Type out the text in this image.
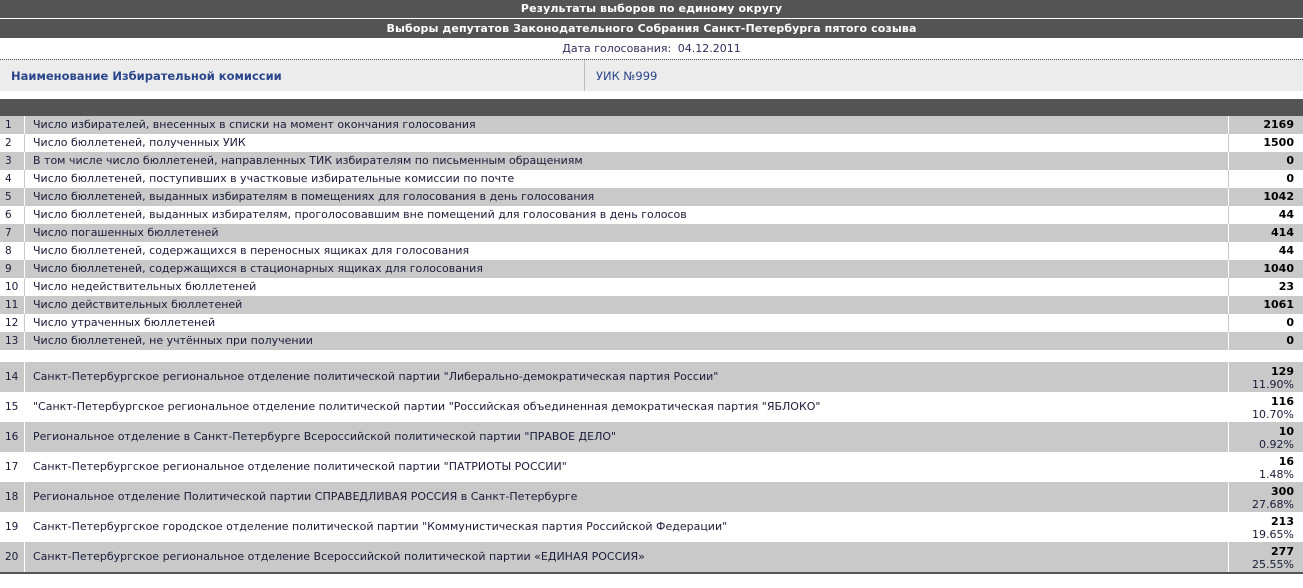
Результаты выборов по единому округу
Выборы депутатов Законодательного Собрания Санкт-Петербурга пятого созыва
Дата голосования: 04.12.2011
Наименование Избирательной комиссии	УИК №999
1	Число избирателей, внесенных в списки на момент окончания голосования	2169
2	Число бюллетеней, полученных УИК	1500
3	В том числе число бюллетеней, направленных ТИК избирателям по письменным обращениям	0
4	Число бюллетеней, поступивших в участковые избирательные комиссии по почте	0
5	Число бюллетеней, выданных избирателям в помещениях для голосования в день голосования	1042
6	Число бюллетеней, выданных избирателям, проголосовавшим вне помещений для голосования в день голосов	44
7	Число погашенных бюллетеней	414
8	Число бюллетеней, содержащихся в переносных ящиках для голосования	44
9	Число бюллетеней, содержащихся в стационарных ящиках для голосования	1040
10	Число недействительных бюллетеней	23
11	Число действительных бюллетеней	1061
12	Число утраченных бюллетеней	0
13	Число бюллетеней, не учтённых при получении	0
14	Санкт-Петербургское региональное отделение политической партии "Либерально-демократическая партия России"	129
11.90%
15	"Санкт-Петербургское региональное отделение политической партии "Российская объединенная демократическая партия "ЯБЛОКО"	116
10.70%
16	Региональное отделение в Санкт-Петербурге Всероссийской политической партии "ПРАВОЕ ДЕЛО"	10
0.92%
17	Санкт-Петербургское региональное отделение политической партии "ПАТРИОТЫ РОССИИ"	16
1.48%
18	Региональное отделение Политической партии СПРАВЕДЛИВАЯ РОССИЯ в Санкт-Петербурге	300
27.68%
19	Санкт-Петербургское городское отделение политической партии "Коммунистическая партия Российской Федерации"	213
19.65%
20	Санкт-Петербургское региональное отделение Всероссийской политической партии «ЕДИНАЯ РОССИЯ»	277
25.55%
